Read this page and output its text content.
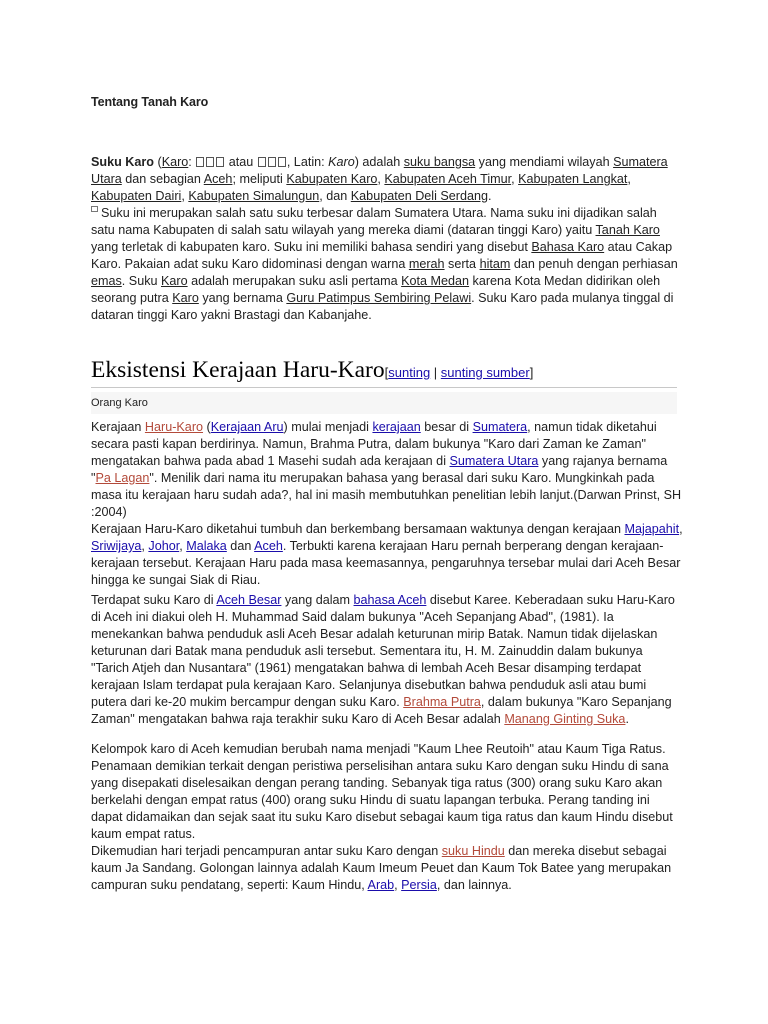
Tentang Tanah Karo

Suku Karo (Karo:  atau , Latin: Karo) adalah suku bangsa yang mendiami wilayah Sumatera Utara dan sebagian Aceh; meliputi Kabupaten Karo, Kabupaten Aceh Timur, Kabupaten Langkat, Kabupaten Dairi, Kabupaten Simalungun, dan Kabupaten Deli Serdang.
Suku ini merupakan salah satu suku terbesar dalam Sumatera Utara. Nama suku ini dijadikan salah satu nama Kabupaten di salah satu wilayah yang mereka diami (dataran tinggi Karo) yaitu Tanah Karo yang terletak di kabupaten karo. Suku ini memiliki bahasa sendiri yang disebut Bahasa Karo atau Cakap Karo. Pakaian adat suku Karo didominasi dengan warna merah serta hitam dan penuh dengan perhiasan emas. Suku Karo adalah merupakan suku asli pertama Kota Medan karena Kota Medan didirikan oleh seorang putra Karo yang bernama Guru Patimpus Sembiring Pelawi. Suku Karo pada mulanya tinggal di dataran tinggi Karo yakni Brastagi dan Kabanjahe.

Eksistensi Kerajaan Haru-Karo[sunting | sunting sumber]
Orang Karo

Kerajaan Haru-Karo (Kerajaan Aru) mulai menjadi kerajaan besar di Sumatera, namun tidak diketahui secara pasti kapan berdirinya. Namun, Brahma Putra, dalam bukunya "Karo dari Zaman ke Zaman" mengatakan bahwa pada abad 1 Masehi sudah ada kerajaan di Sumatera Utara yang rajanya bernama "Pa Lagan". Menilik dari nama itu merupakan bahasa yang berasal dari suku Karo. Mungkinkah pada masa itu kerajaan haru sudah ada?, hal ini masih membutuhkan penelitian lebih lanjut.(Darwan Prinst, SH :2004)

Kerajaan Haru-Karo diketahui tumbuh dan berkembang bersamaan waktunya dengan kerajaan Majapahit, Sriwijaya, Johor, Malaka dan Aceh. Terbukti karena kerajaan Haru pernah berperang dengan kerajaan-kerajaan tersebut. Kerajaan Haru pada masa keemasannya, pengaruhnya tersebar mulai dari Aceh Besar hingga ke sungai Siak di Riau.

Terdapat suku Karo di Aceh Besar yang dalam bahasa Aceh disebut Karee. Keberadaan suku Haru-Karo di Aceh ini diakui oleh H. Muhammad Said dalam bukunya "Aceh Sepanjang Abad", (1981). Ia menekankan bahwa penduduk asli Aceh Besar adalah keturunan mirip Batak. Namun tidak dijelaskan keturunan dari Batak mana penduduk asli tersebut. Sementara itu, H. M. Zainuddin dalam bukunya "Tarich Atjeh dan Nusantara" (1961) mengatakan bahwa di lembah Aceh Besar disamping terdapat kerajaan Islam terdapat pula kerajaan Karo. Selanjunya disebutkan bahwa penduduk asli atau bumi putera dari ke-20 mukim bercampur dengan suku Karo. Brahma Putra, dalam bukunya "Karo Sepanjang Zaman" mengatakan bahwa raja terakhir suku Karo di Aceh Besar adalah Manang Ginting Suka.

Kelompok karo di Aceh kemudian berubah nama menjadi "Kaum Lhee Reutoih" atau Kaum Tiga Ratus. Penamaan demikian terkait dengan peristiwa perselisihan antara suku Karo dengan suku Hindu di sana yang disepakati diselesaikan dengan perang tanding. Sebanyak tiga ratus (300) orang suku Karo akan berkelahi dengan empat ratus (400) orang suku Hindu di suatu lapangan terbuka. Perang tanding ini dapat didamaikan dan sejak saat itu suku Karo disebut sebagai kaum tiga ratus dan kaum Hindu disebut kaum empat ratus.

Dikemudian hari terjadi pencampuran antar suku Karo dengan suku Hindu dan mereka disebut sebagai kaum Ja Sandang. Golongan lainnya adalah Kaum Imeum Peuet dan Kaum Tok Batee yang merupakan campuran suku pendatang, seperti: Kaum Hindu, Arab, Persia, dan lainnya.
